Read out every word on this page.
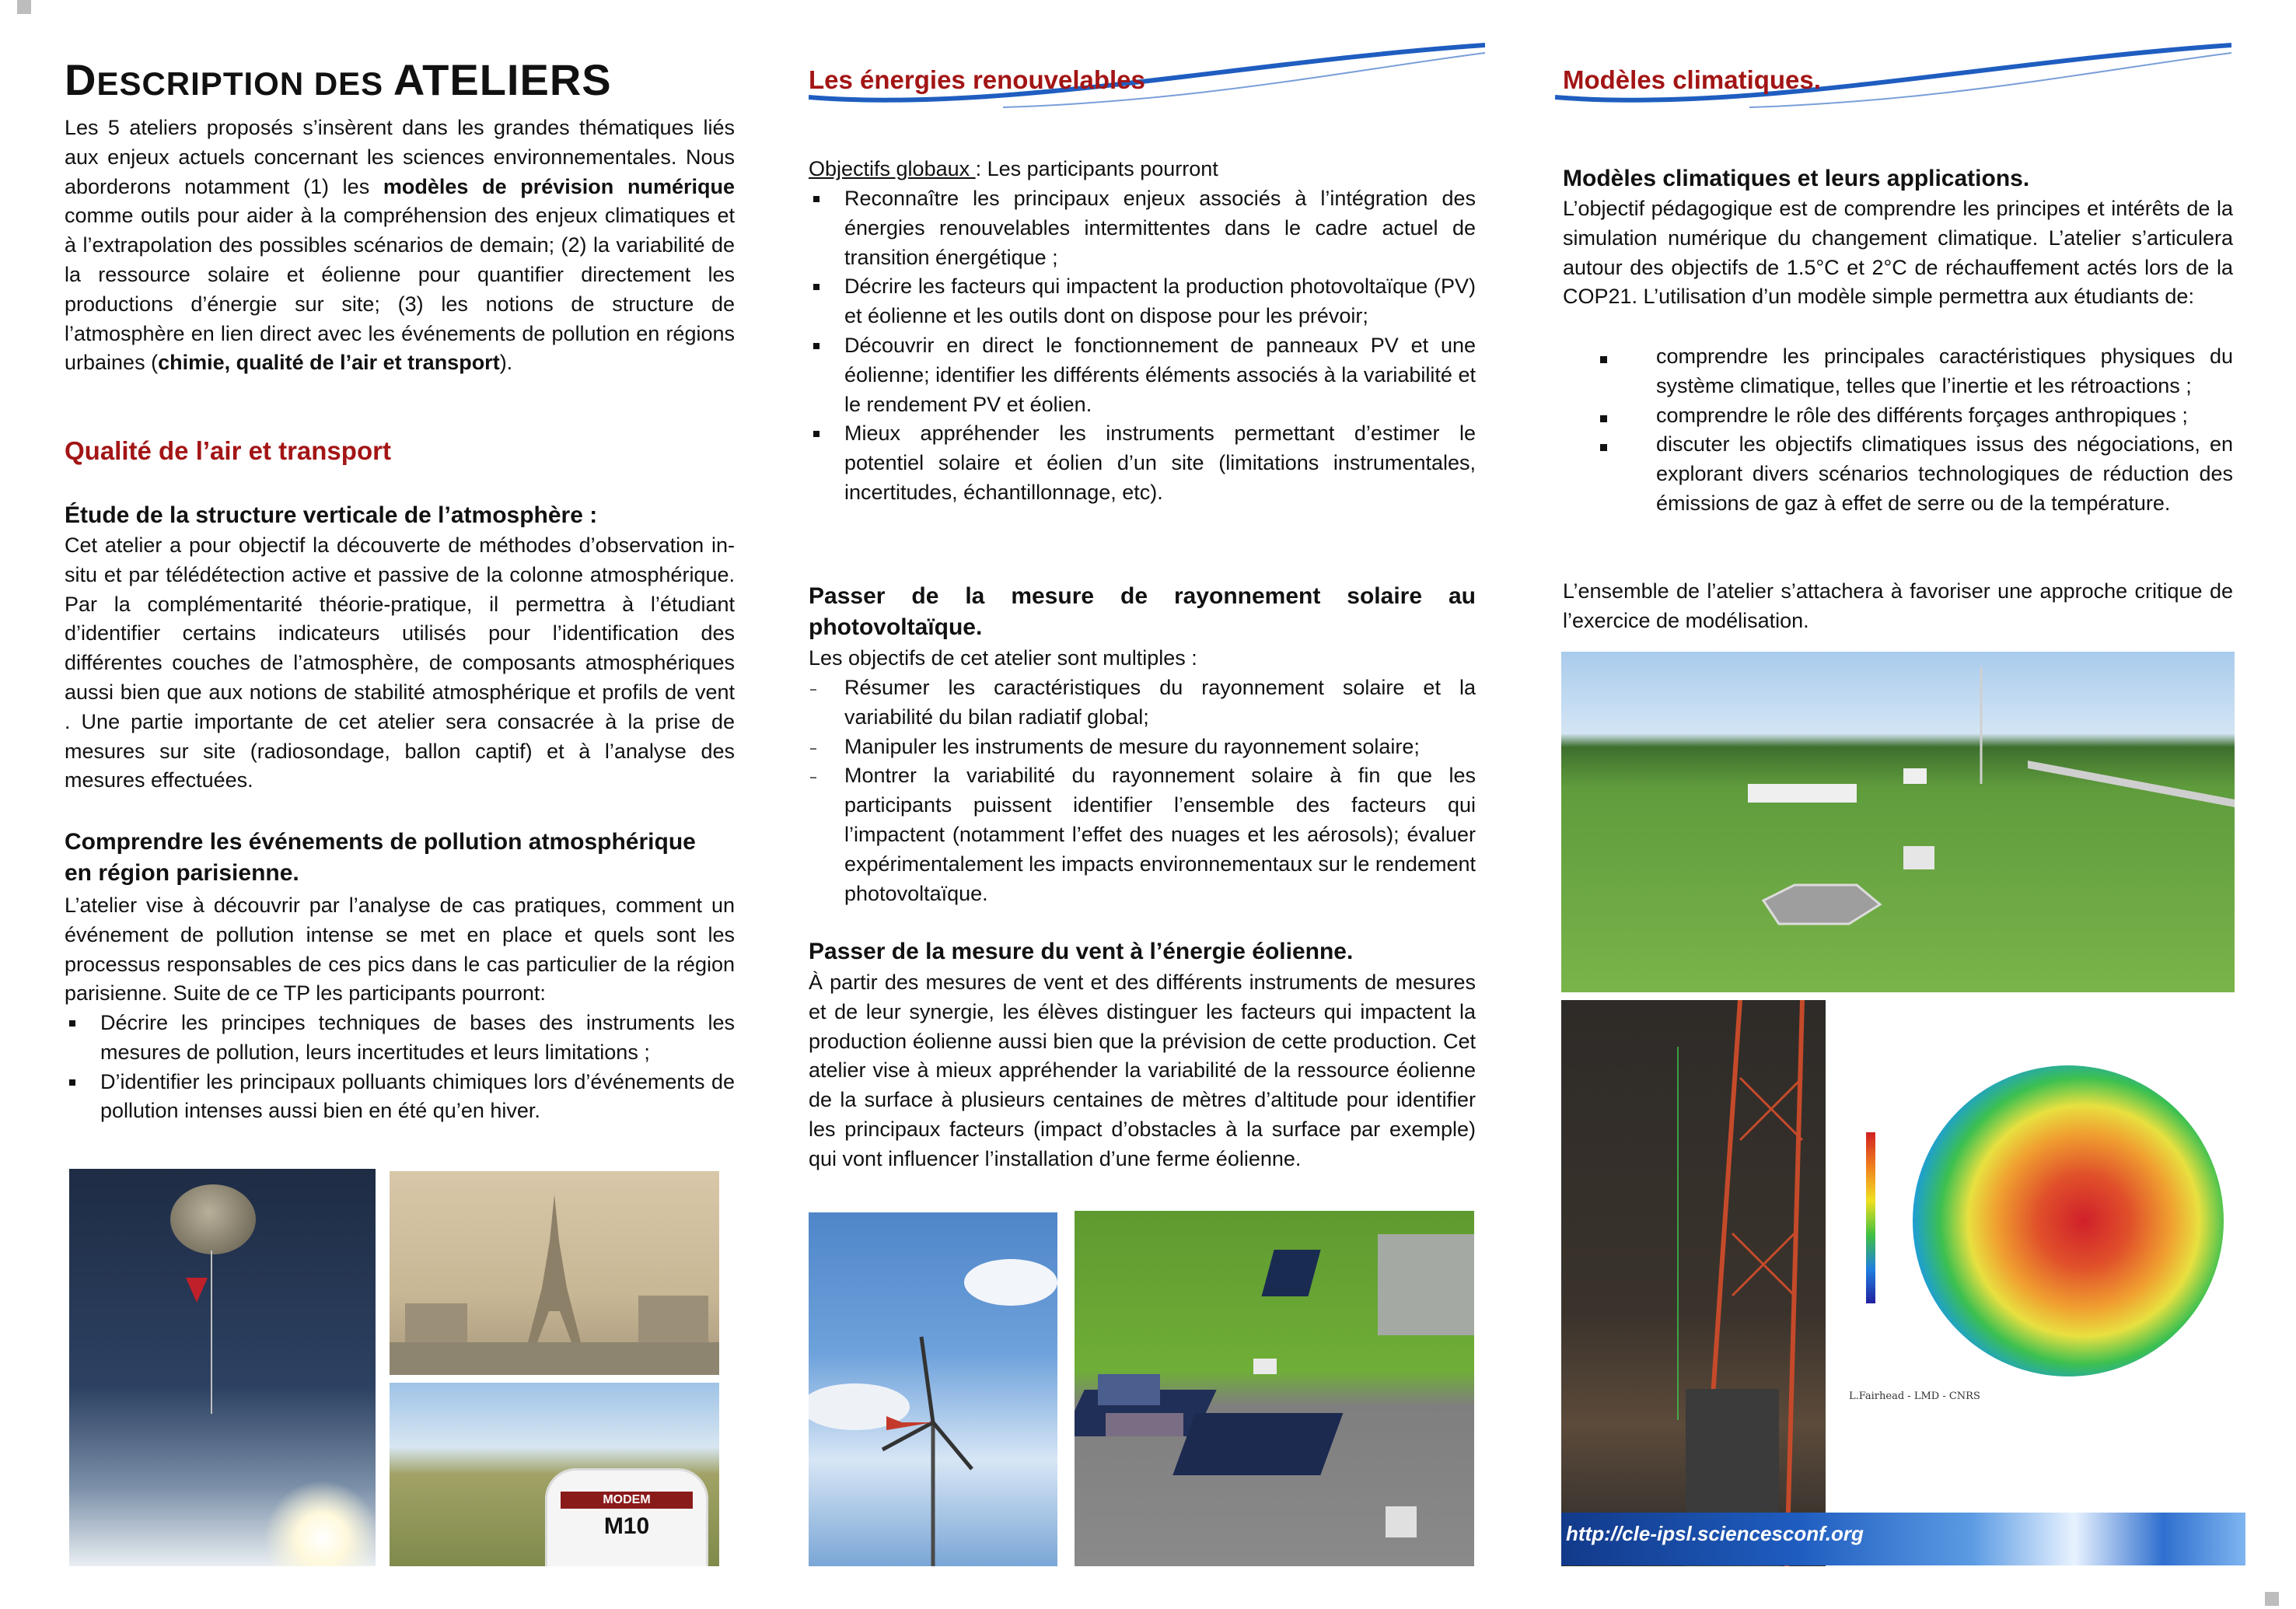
DESCRIPTION DES ATELIERS

Les 5 ateliers proposés s’insèrent dans les grandes thématiques liés aux enjeux actuels concernant les sciences environnementales. Nous aborderons notamment (1) les modèles de prévision numérique comme outils pour aider à la compréhension des enjeux climatiques et à l’extrapolation des possibles scénarios de demain; (2) la variabilité de la ressource solaire et éolienne pour quantifier directement les productions d’énergie sur site; (3) les notions de structure de l’atmosphère en lien direct avec les événements de pollution en régions urbaines (chimie, qualité de l’air et transport).

Qualité de l’air et transport
Étude de la structure verticale de l’atmosphère :

Cet atelier a pour objectif la découverte de méthodes d’observation in-situ et par télédétection active et passive de la colonne atmosphérique. Par la complémentarité théorie-pratique, il permettra à l’étudiant d’identifier certains indicateurs utilisés pour l’identification des différentes couches de l’atmosphère, de composants atmosphériques aussi bien que aux notions de stabilité atmosphérique et profils de vent . Une partie importante de cet atelier sera consacrée à la prise de mesures sur site (radiosondage, ballon captif) et à l’analyse des mesures effectuées.

Comprendre les événements de pollution atmosphérique
en région parisienne.

L’atelier vise à découvrir par l’analyse de cas pratiques, comment un événement de pollution intense se met en place et quels sont les processus responsables de ces pics dans le cas particulier de la région parisienne. Suite de ce TP les participants pourront:

Décrire les principes techniques de bases des instruments les mesures de pollution, leurs incertitudes et leurs limitations ;
D’identifier les principaux polluants chimiques lors d’événements de pollution intenses aussi bien en été qu’en hiver.
MODEM
M10
Les énergies renouvelables

Objectifs globaux : Les participants pourront

Reconnaître les principaux enjeux associés à l’intégration des énergies renouvelables intermittentes dans le cadre actuel de transition énergétique ;
Décrire les facteurs qui impactent la production photovoltaïque (PV) et éolienne et les outils dont on dispose pour les prévoir;
Découvrir en direct le fonctionnement de panneaux PV et une éolienne; identifier les différents éléments associés à la variabilité et le rendement PV et éolien.
Mieux appréhender les instruments permettant d’estimer le potentiel solaire et éolien d’un site (limitations instrumentales, incertitudes, échantillonnage, etc).
Passer de la mesure de rayonnement solaire au photovoltaïque.

Les objectifs de cet atelier sont multiples :

Résumer les caractéristiques du rayonnement solaire et la variabilité du bilan radiatif global;
Manipuler les instruments de mesure du rayonnement solaire;
Montrer la variabilité du rayonnement solaire à fin que les participants puissent identifier l’ensemble des facteurs qui l’impactent (notamment l’effet des nuages et les aérosols); évaluer expérimentalement les impacts environnementaux sur le rendement photovoltaïque.
Passer de la mesure du vent à l’énergie éolienne.

À partir des mesures de vent et des différents instruments de mesures et de leur synergie, les élèves distinguer les facteurs qui impactent la production éolienne aussi bien que la prévision de cette production. Cet atelier vise à mieux appréhender la variabilité de la ressource éolienne de la surface à plusieurs centaines de mètres d’altitude pour identifier les principaux facteurs (impact d’obstacles à la surface par exemple) qui vont influencer l’installation d’une ferme éolienne.

Modèles climatiques.
Modèles climatiques et leurs applications.

L’objectif pédagogique est de comprendre les principes et intérêts de la simulation numérique du changement climatique. L’atelier s’articulera autour des objectifs de 1.5°C et 2°C de réchauffement actés lors de la COP21. L’utilisation d’un modèle simple permettra aux étudiants de:

comprendre les principales caractéristiques physiques du système climatique, telles que l’inertie et les rétroactions ;
comprendre le rôle des différents forçages anthropiques ;
discuter les objectifs climatiques issus des négociations, en explorant divers scénarios technologiques de réduction des émissions de gaz à effet de serre ou de la température.

L’ensemble de l’atelier s’attachera à favoriser une approche critique de l’exercice de modélisation.

L.Fairhead - LMD - CNRS
http://cle-ipsl.sciencesconf.org
